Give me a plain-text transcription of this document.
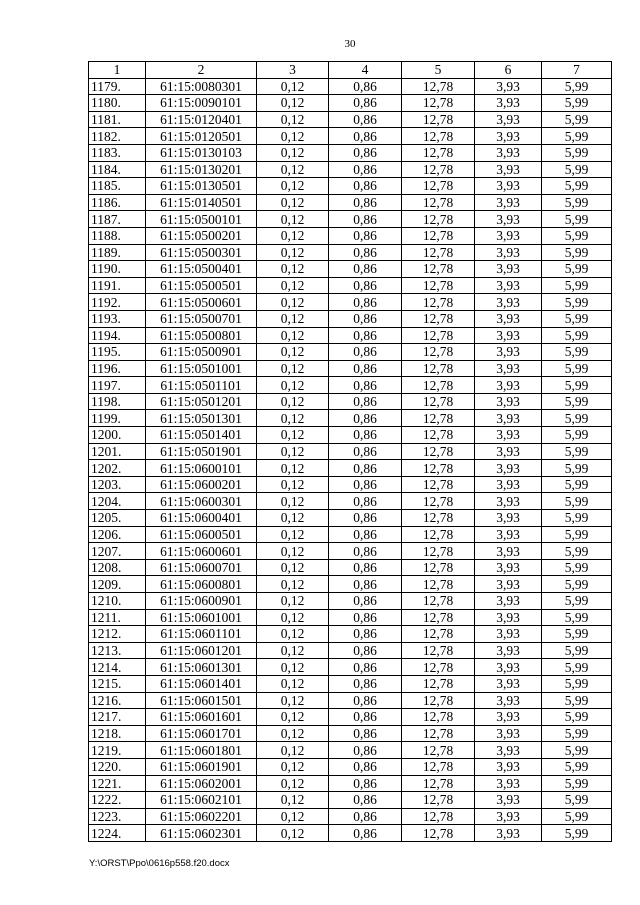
30
1	2	3	4	5	6	7
1179.	61:15:0080301	0,12	0,86	12,78	3,93	5,99
1180.	61:15:0090101	0,12	0,86	12,78	3,93	5,99
1181.	61:15:0120401	0,12	0,86	12,78	3,93	5,99
1182.	61:15:0120501	0,12	0,86	12,78	3,93	5,99
1183.	61:15:0130103	0,12	0,86	12,78	3,93	5,99
1184.	61:15:0130201	0,12	0,86	12,78	3,93	5,99
1185.	61:15:0130501	0,12	0,86	12,78	3,93	5,99
1186.	61:15:0140501	0,12	0,86	12,78	3,93	5,99
1187.	61:15:0500101	0,12	0,86	12,78	3,93	5,99
1188.	61:15:0500201	0,12	0,86	12,78	3,93	5,99
1189.	61:15:0500301	0,12	0,86	12,78	3,93	5,99
1190.	61:15:0500401	0,12	0,86	12,78	3,93	5,99
1191.	61:15:0500501	0,12	0,86	12,78	3,93	5,99
1192.	61:15:0500601	0,12	0,86	12,78	3,93	5,99
1193.	61:15:0500701	0,12	0,86	12,78	3,93	5,99
1194.	61:15:0500801	0,12	0,86	12,78	3,93	5,99
1195.	61:15:0500901	0,12	0,86	12,78	3,93	5,99
1196.	61:15:0501001	0,12	0,86	12,78	3,93	5,99
1197.	61:15:0501101	0,12	0,86	12,78	3,93	5,99
1198.	61:15:0501201	0,12	0,86	12,78	3,93	5,99
1199.	61:15:0501301	0,12	0,86	12,78	3,93	5,99
1200.	61:15:0501401	0,12	0,86	12,78	3,93	5,99
1201.	61:15:0501901	0,12	0,86	12,78	3,93	5,99
1202.	61:15:0600101	0,12	0,86	12,78	3,93	5,99
1203.	61:15:0600201	0,12	0,86	12,78	3,93	5,99
1204.	61:15:0600301	0,12	0,86	12,78	3,93	5,99
1205.	61:15:0600401	0,12	0,86	12,78	3,93	5,99
1206.	61:15:0600501	0,12	0,86	12,78	3,93	5,99
1207.	61:15:0600601	0,12	0,86	12,78	3,93	5,99
1208.	61:15:0600701	0,12	0,86	12,78	3,93	5,99
1209.	61:15:0600801	0,12	0,86	12,78	3,93	5,99
1210.	61:15:0600901	0,12	0,86	12,78	3,93	5,99
1211.	61:15:0601001	0,12	0,86	12,78	3,93	5,99
1212.	61:15:0601101	0,12	0,86	12,78	3,93	5,99
1213.	61:15:0601201	0,12	0,86	12,78	3,93	5,99
1214.	61:15:0601301	0,12	0,86	12,78	3,93	5,99
1215.	61:15:0601401	0,12	0,86	12,78	3,93	5,99
1216.	61:15:0601501	0,12	0,86	12,78	3,93	5,99
1217.	61:15:0601601	0,12	0,86	12,78	3,93	5,99
1218.	61:15:0601701	0,12	0,86	12,78	3,93	5,99
1219.	61:15:0601801	0,12	0,86	12,78	3,93	5,99
1220.	61:15:0601901	0,12	0,86	12,78	3,93	5,99
1221.	61:15:0602001	0,12	0,86	12,78	3,93	5,99
1222.	61:15:0602101	0,12	0,86	12,78	3,93	5,99
1223.	61:15:0602201	0,12	0,86	12,78	3,93	5,99
1224.	61:15:0602301	0,12	0,86	12,78	3,93	5,99
Y:\ORST\Ppo\0616p558.f20.docx
